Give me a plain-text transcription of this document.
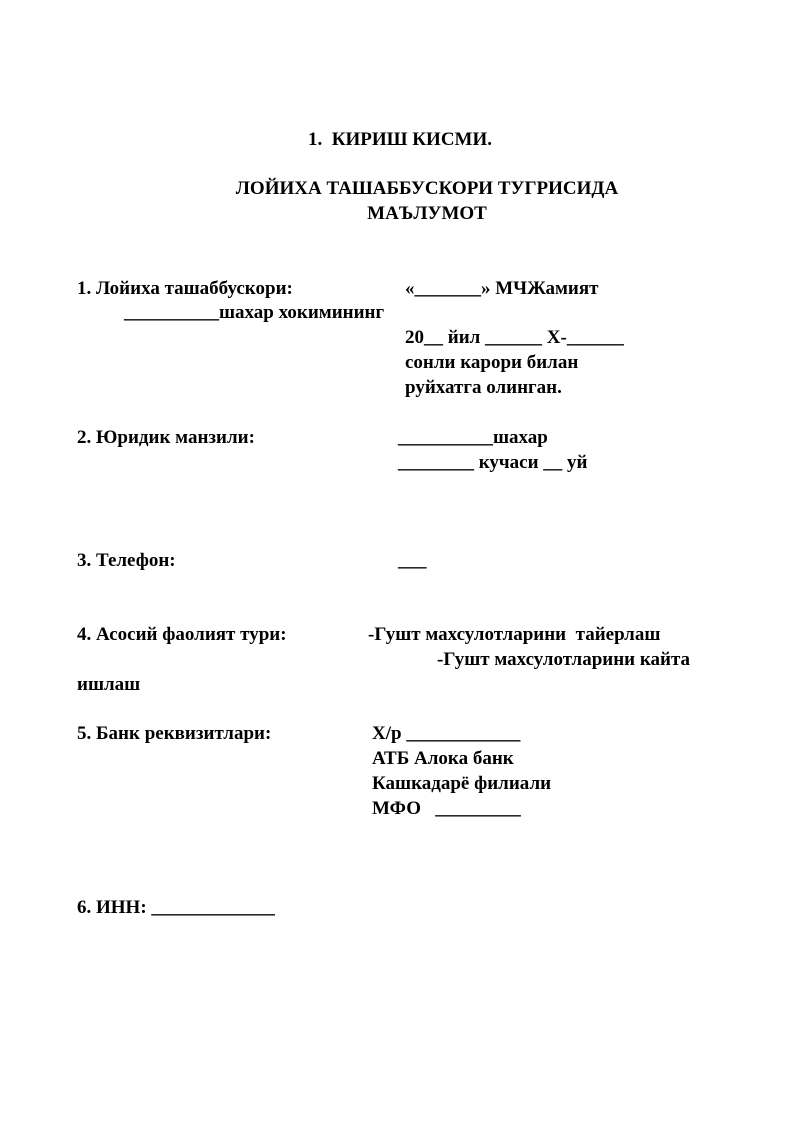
1.  КИРИШ КИСМИ.
ЛОЙИХА ТАШАББУСКОРИ ТУГРИСИДА
МАЪЛУМОТ
1. Лойиха ташаббускори:	«_______» МЧЖамият
__________шахар хокимининг
20__ йил ______ Х-______
сонли карори билан
руйхатга олинган.
2. Юридик манзили:	__________шахар
________ кучаси __ уй
3. Телефон:	___
4. Асосий фаолият тури:	-Гушт махсулотларини  тайерлаш
-Гушт махсулотларини кайта
ишлаш
5. Банк реквизитлари:	Х/р ____________
АТБ Алока банк
Кашкадарё филиали
МФО   _________
6. ИНН: _____________
